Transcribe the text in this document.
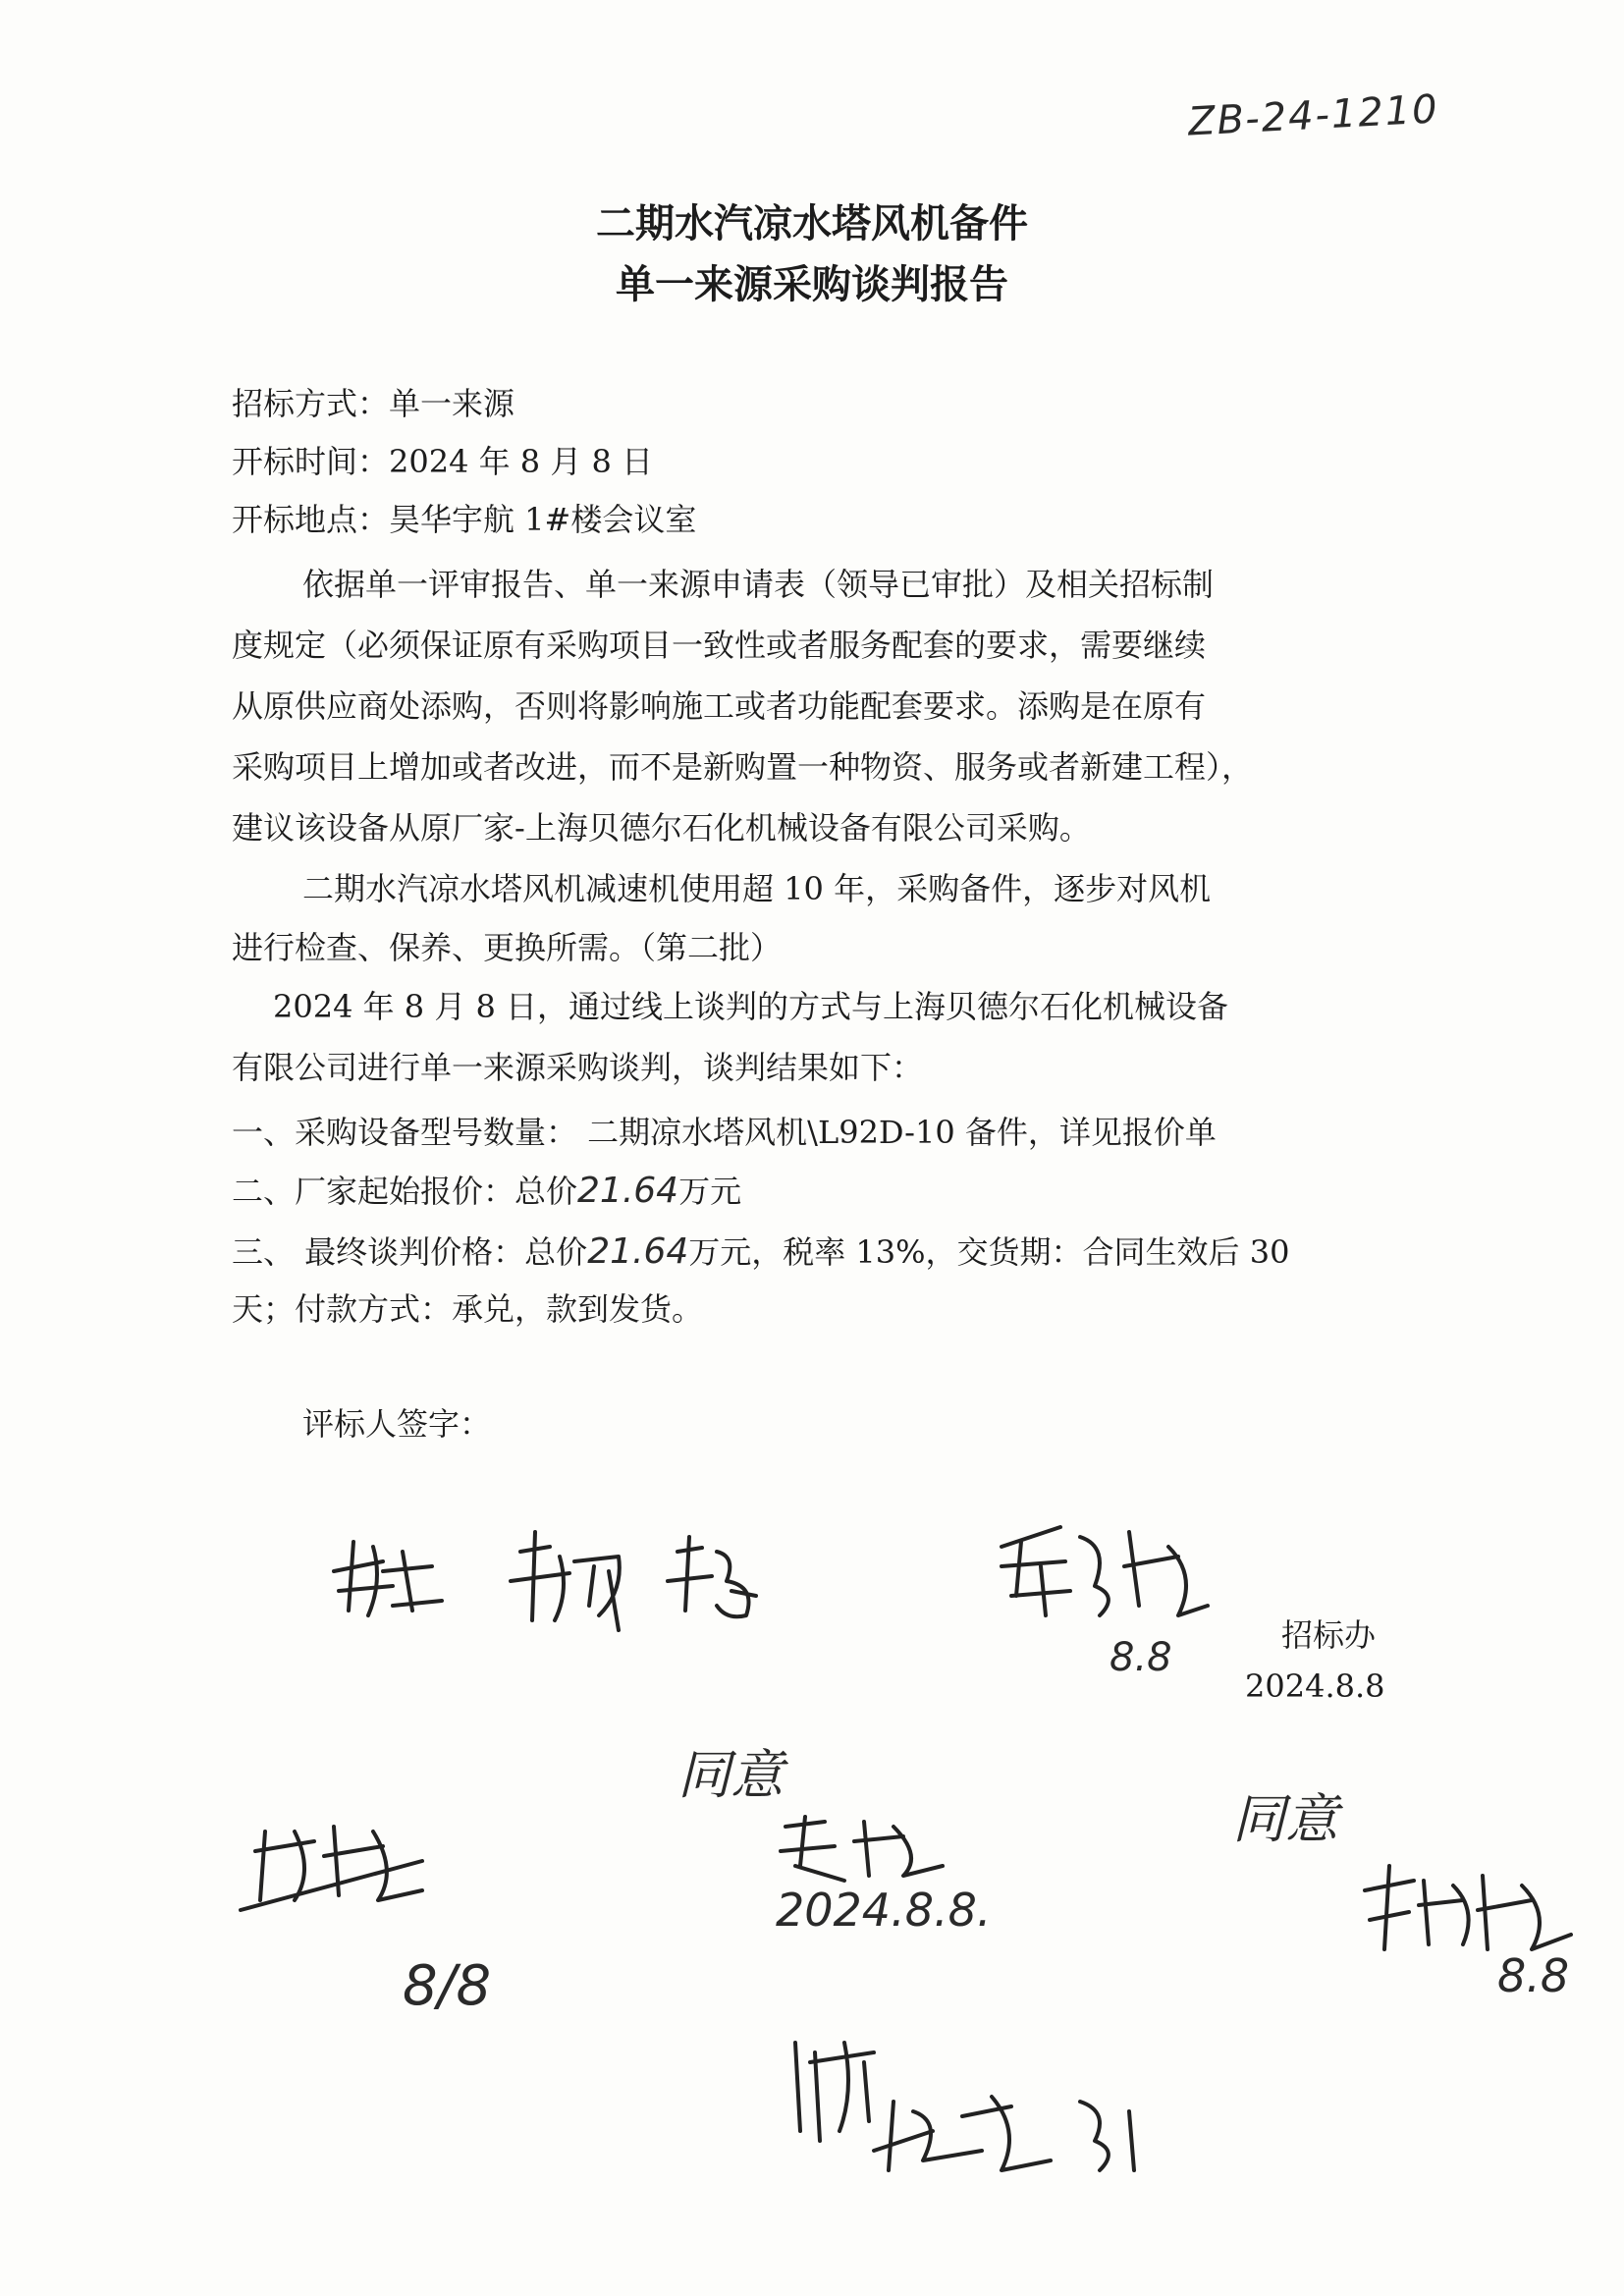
ZB-24-1210
二期水汽凉水塔风机备件
单一来源采购谈判报告
招标方式：单一来源
开标时间：2024 年 8 月 8 日
开标地点：昊华宇航 1#楼会议室
依据单一评审报告、单一来源申请表（领导已审批）及相关招标制
度规定（必须保证原有采购项目一致性或者服务配套的要求，需要继续
从原供应商处添购，否则将影响施工或者功能配套要求。添购是在原有
采购项目上增加或者改进，而不是新购置一种物资、服务或者新建工程），
建议该设备从原厂家-上海贝德尔石化机械设备有限公司采购。
二期水汽凉水塔风机减速机使用超 10 年，采购备件，逐步对风机
进行检查、保养、更换所需。（第二批）
2024 年 8 月 8 日，通过线上谈判的方式与上海贝德尔石化机械设备
有限公司进行单一来源采购谈判，谈判结果如下：
一、采购设备型号数量： 二期凉水塔风机\L92D-10 备件，详见报价单
二、厂家起始报价：总价21.64万元
三、 最终谈判价格：总价21.64万元，税率 13%，交货期：合同生效后 30
天；付款方式：承兑，款到发货。
评标人签字：
8.8	招标办
2024.8.8
同意
2024.8.8.
同意
8.8
8/8
